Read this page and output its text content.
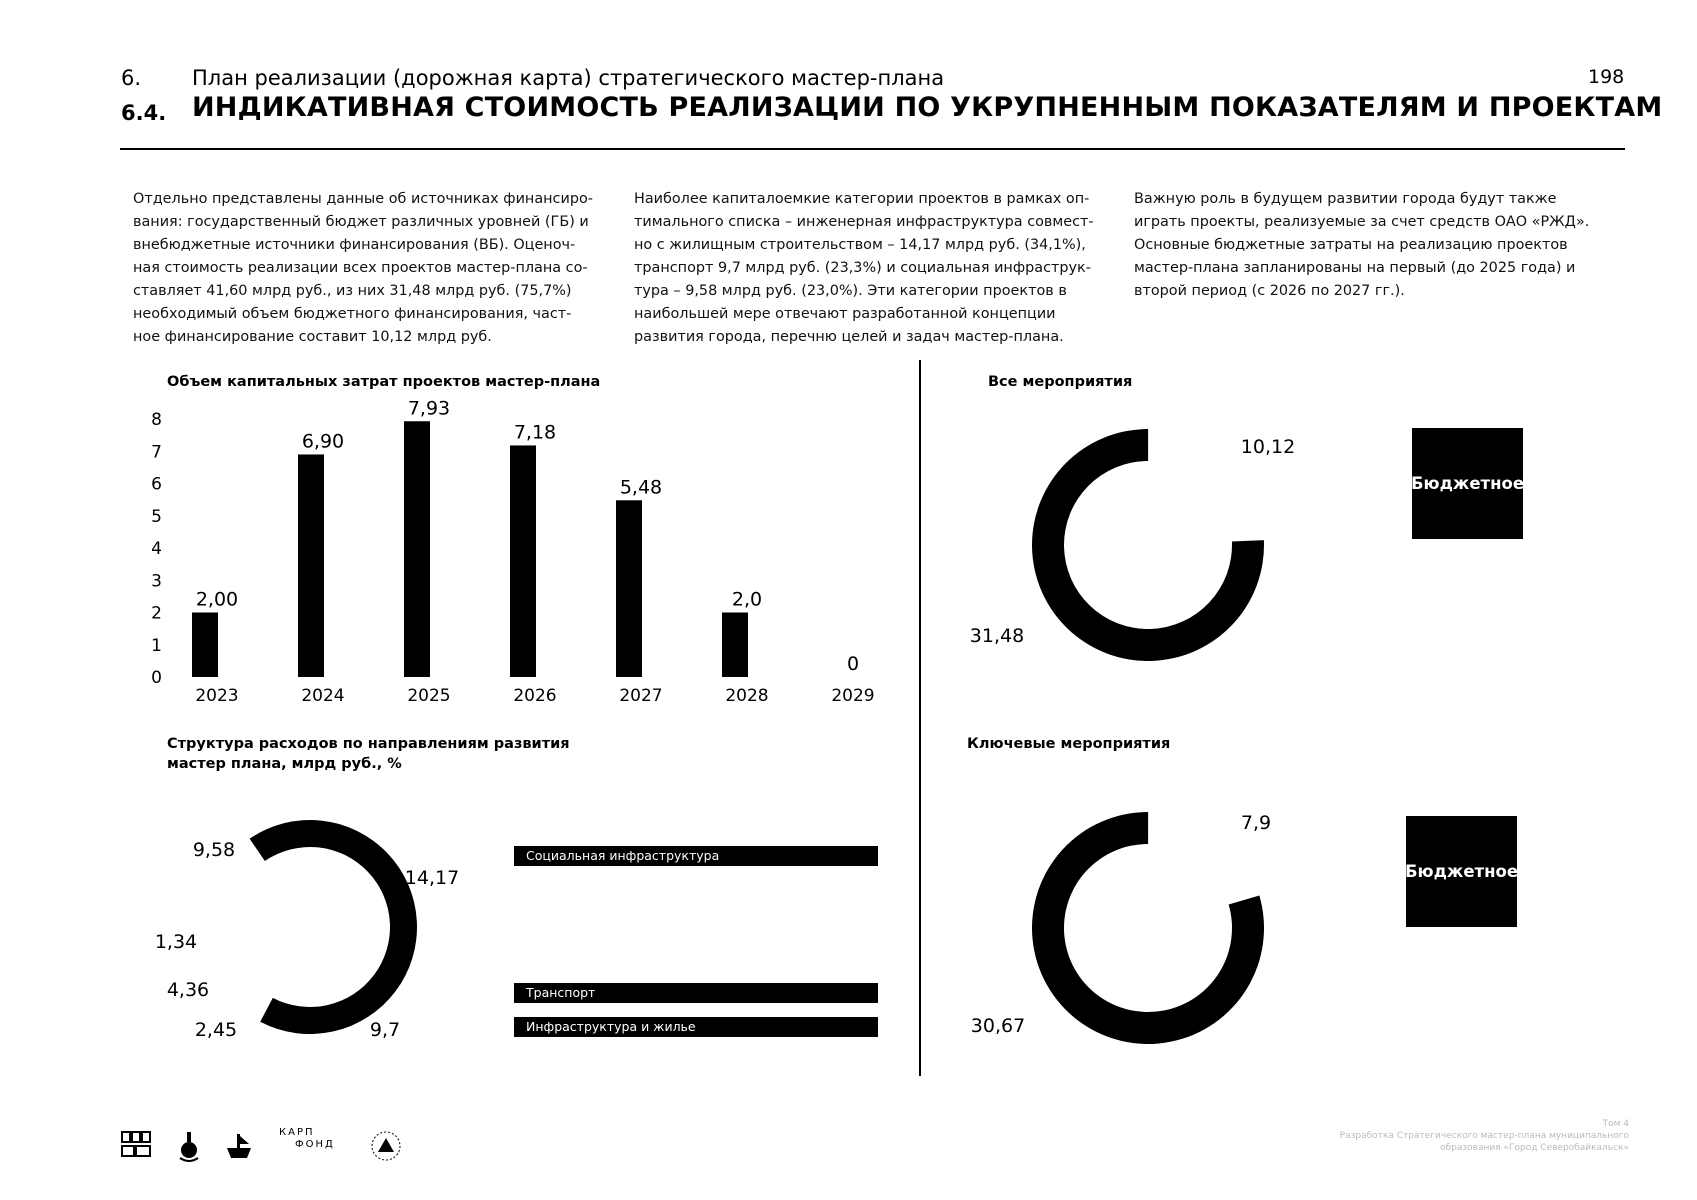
6. План реализации (дорожная карта) стратегического мастер-плана
6.4. ИНДИКАТИВНАЯ СТОИМОСТЬ РЕАЛИЗАЦИИ ПО УКРУПНЕННЫМ ПОКАЗАТЕЛЯМ И ПРОЕКТАМ
198

Отдельно представлены данные об источниках финансиро-

вания: государственный бюджет различных уровней (ГБ) и

внебюджетные источники финансирования (ВБ). Оценоч-

ная стоимость реализации всех проектов мастер-плана со-

ставляет 41,60 млрд руб., из них 31,48 млрд руб. (75,7%)

необходимый объем бюджетного финансирования, част-

ное финансирование составит 10,12 млрд руб.

Наиболее капиталоемкие категории проектов в рамках оп-

тимального списка – инженерная инфраструктура совмест-

но с жилищным строительством – 14,17 млрд руб. (34,1%),

транспорт 9,7 млрд руб. (23,3%) и социальная инфраструк-

тура – 9,58 млрд руб. (23,0%). Эти категории проектов в

наибольшей мере отвечают разработанной концепции

развития города, перечню целей и задач мастер-плана.

Важную роль в будущем развитии города будут также

играть проекты, реализуемые за счет средств ОАО «РЖД».

Основные бюджетные затраты на реализацию проектов

мастер-плана запланированы на первый (до 2025 года) и

второй период (с 2026 по 2027 гг.).

Объем капитальных затрат проектов мастер-плана	Все мероприятия
Структура расходов по направлениям развития мастер плана, млрд руб., %
Ключевые мероприятия
0
1
2
3
4
5
6
7
8
2,00
6,90
7,93
7,18
5,48
2,0
0
2023	2024	2025	2026	2027	2028	2029
31,48
10,12
14,17
9,7
2,45
4,36
1,34
9,58
30,67
7,9
Бюджетное
Бюджетное
Социальная инфраструктура
Транспорт
Инфраструктура и жилье
КАРП
ФОНД
Том 4
Разработка Стратегического мастер-плана муниципального
образования «Город Северобайкальск»
